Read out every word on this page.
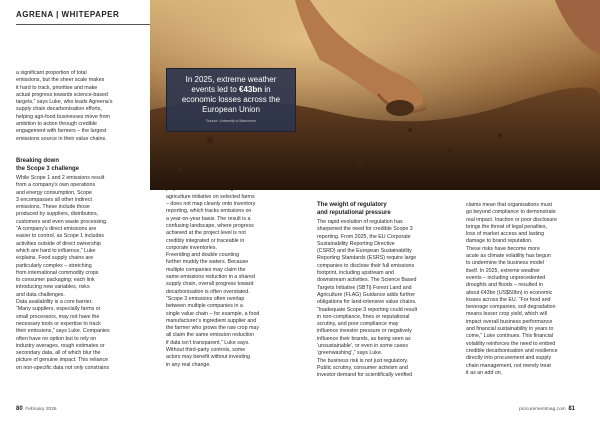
AGRENA | WHITEPAPER
a significant proportion of total
emissions, but the sheer scale makes
it hard to track, prioritise and make
actual progress towards science-based
targets,” says Luke, who leads Agreena’s
supply chain decarbonisation efforts,
helping agri-food businesses move from
ambition to action through credible
engagement with farmers – the largest
emissions source in their value chains.
Breaking down
the Scope 3 challenge
While Scope 1 and 2 emissions result
from a company’s own operations
and energy consumption, Scope
3 encompasses all other indirect
emissions. These include those
produced by suppliers, distributors,
customers and even waste processing.
“A company’s direct emissions are
easier to control, as Scope 1 includes
activities outside of direct ownership
which are hard to influence,” Luke
explains. Food supply chains are
particularly complex – stretching
from international commodity crops
to consumer packaging; each link
introducing new variables, risks
and data challenges.
Data availability is a core barrier.
“Many suppliers, especially farms or
small processors, may not have the
necessary tools or expertise to track
their emissions,” says Luke. Companies
often have no option but to rely on
industry averages, rough estimates or
secondary data, all of which blur the
picture of genuine impact. This reliance
on non-specific data not only constrains

agriculture initiative on selected farms
– does not map cleanly onto inventory
reporting, which tracks emissions on
a year-on-year basis. The result is a
confusing landscape, where progress
achieved at the project level is not
credibly integrated or traceable in
corporate inventories.
Freeriding and double counting
further muddy the waters. Because
multiple companies may claim the
same emissions reduction in a shared
supply chain, overall progress toward
decarbonisation is often overstated.
“Scope 3 emissions often overlap
between multiple companies in a
single value chain – for example, a food
manufacturer’s ingredient supplier and
the farmer who grows the raw crop may
all claim the same emission reduction
if data isn’t transparent,” Luke says.
Without third-party controls, some
actors may benefit without investing
in any real change.
80 February 2026
The weight of regulatory
and reputational pressure
The rapid evolution of regulation has
sharpened the need for credible Scope 3
reporting. From 2025, the EU Corporate
Sustainability Reporting Directive
(CSRD) and the European Sustainability
Reporting Standards (ESRS) require large
companies to disclose their full emissions
footprint, including upstream and
downstream activities. The Science Based
Targets Initiative (SBTi) Forest Land and
Agriculture (FLAG) Guidance adds further
obligations for land-intensive value chains.
“Inadequate Scope 3 reporting could result
in non-compliance, fines or reputational
scrutiny, and poor compliance may
influence investor pressure or negatively
influence their brands, as being seen as
‘unsustainable’, or even in some cases
‘greenwashing’,” says Luke.
The business risk is not just regulatory.
Public scrutiny, consumer activism and
investor demand for scientifically verified
claims mean that organisations must
go beyond compliance to demonstrate
real impact. Inaction or poor disclosure
brings the threat of legal penalties,
loss of market access and lasting
damage to brand reputation.
These risks have become more
acute as climate volatility has begun
to undermine the business model
itself. In 2025, extreme weather
events – including unprecedented
droughts and floods – resulted in
about €43bn (US$50bn) in economic
losses across the EU. “For food and
beverage companies, soil degradation
means lesser crop yield, which will
impact overall business performance
and financial sustainability in years to
come,” Luke continues. This financial
volatility reinforces the need to embed
credible decarbonisation and resilience
directly into procurement and supply
chain management, not merely treat
it as an add on.
procurementmag.com 81
In 2025, extreme weather events led to €43bn in economic losses across the European Union
Source: University of Mannheim
